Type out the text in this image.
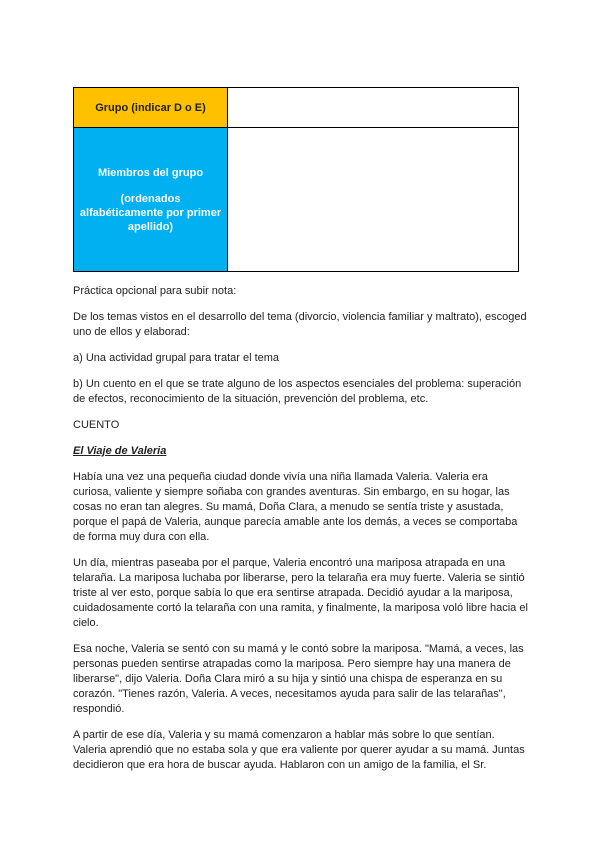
Grupo (indicar D o E)	

Miembros del grupo
(ordenados
alfabéticamente por primer
apellido)	

Práctica opcional para subir nota:

De los temas vistos en el desarrollo del tema (divorcio, violencia familiar y maltrato), escoged uno de ellos y elaborad:

a) Una actividad grupal para tratar el tema

b) Un cuento en el que se trate alguno de los aspectos esenciales del problema: superación de efectos, reconocimiento de la situación, prevención del problema, etc.

CUENTO

El Viaje de Valeria

Había una vez una pequeña ciudad donde vivía una niña llamada Valeria. Valeria era curiosa, valiente y siempre soñaba con grandes aventuras. Sin embargo, en su hogar, las cosas no eran tan alegres. Su mamá, Doña Clara, a menudo se sentía triste y asustada, porque el papá de Valeria, aunque parecía amable ante los demás, a veces se comportaba de forma muy dura con ella.

Un día, mientras paseaba por el parque, Valeria encontró una mariposa atrapada en una telaraña. La mariposa luchaba por liberarse, pero la telaraña era muy fuerte. Valeria se sintió triste al ver esto, porque sabía lo que era sentirse atrapada. Decidió ayudar a la mariposa, cuidadosamente cortó la telaraña con una ramita, y finalmente, la mariposa voló libre hacia el cielo.

Esa noche, Valeria se sentó con su mamá y le contó sobre la mariposa. "Mamá, a veces, las personas pueden sentirse atrapadas como la mariposa. Pero siempre hay una manera de liberarse", dijo Valeria. Doña Clara miró a su hija y sintió una chispa de esperanza en su corazón. "Tienes razón, Valeria. A veces, necesitamos ayuda para salir de las telarañas", respondió.

A partir de ese día, Valeria y su mamá comenzaron a hablar más sobre lo que sentían. Valeria aprendió que no estaba sola y que era valiente por querer ayudar a su mamá. Juntas decidieron que era hora de buscar ayuda. Hablaron con un amigo de la familia, el Sr.
